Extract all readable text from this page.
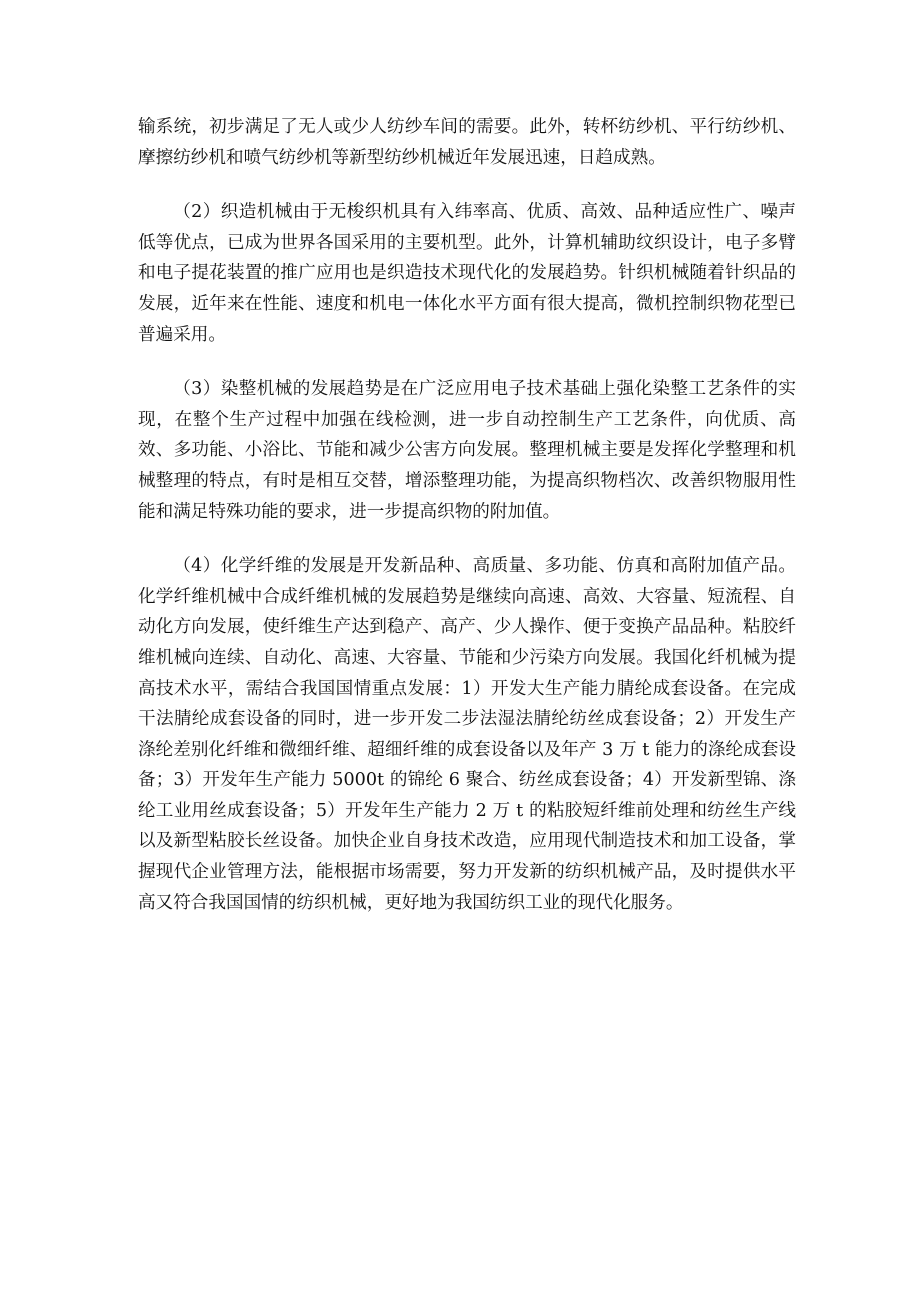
输系统，初步满足了无人或少人纺纱车间的需要。此外，转杯纺纱机、平行纺纱机、摩擦纺纱机和喷气纺纱机等新型纺纱机械近年发展迅速，日趋成熟。

（2）织造机械由于无梭织机具有入纬率高、优质、高效、品种适应性广、噪声低等优点，已成为世界各国采用的主要机型。此外，计算机辅助纹织设计，电子多臂和电子提花装置的推广应用也是织造技术现代化的发展趋势。针织机械随着针织品的发展，近年来在性能、速度和机电一体化水平方面有很大提高，微机控制织物花型已普遍采用。

（3）染整机械的发展趋势是在广泛应用电子技术基础上强化染整工艺条件的实现，在整个生产过程中加强在线检测，进一步自动控制生产工艺条件，向优质、高效、多功能、小浴比、节能和减少公害方向发展。整理机械主要是发挥化学整理和机械整理的特点，有时是相互交替，增添整理功能，为提高织物档次、改善织物服用性能和满足特殊功能的要求，进一步提高织物的附加值。

（4）化学纤维的发展是开发新品种、高质量、多功能、仿真和高附加值产品。化学纤维机械中合成纤维机械的发展趋势是继续向高速、高效、大容量、短流程、自动化方向发展，使纤维生产达到稳产、高产、少人操作、便于变换产品品种。粘胶纤维机械向连续、自动化、高速、大容量、节能和少污染方向发展。我国化纤机械为提高技术水平，需结合我国国情重点发展：1）开发大生产能力腈纶成套设备。在完成干法腈纶成套设备的同时，进一步开发二步法湿法腈纶纺丝成套设备；2）开发生产涤纶差别化纤维和微细纤维、超细纤维的成套设备以及年产 3 万 t 能力的涤纶成套设备；3）开发年生产能力 5000t 的锦纶 6 聚合、纺丝成套设备；4）开发新型锦、涤纶工业用丝成套设备；5）开发年生产能力 2 万 t 的粘胶短纤维前处理和纺丝生产线以及新型粘胶长丝设备。加快企业自身技术改造，应用现代制造技术和加工设备，掌握现代企业管理方法，能根据市场需要，努力开发新的纺织机械产品，及时提供水平高又符合我国国情的纺织机械，更好地为我国纺织工业的现代化服务。
